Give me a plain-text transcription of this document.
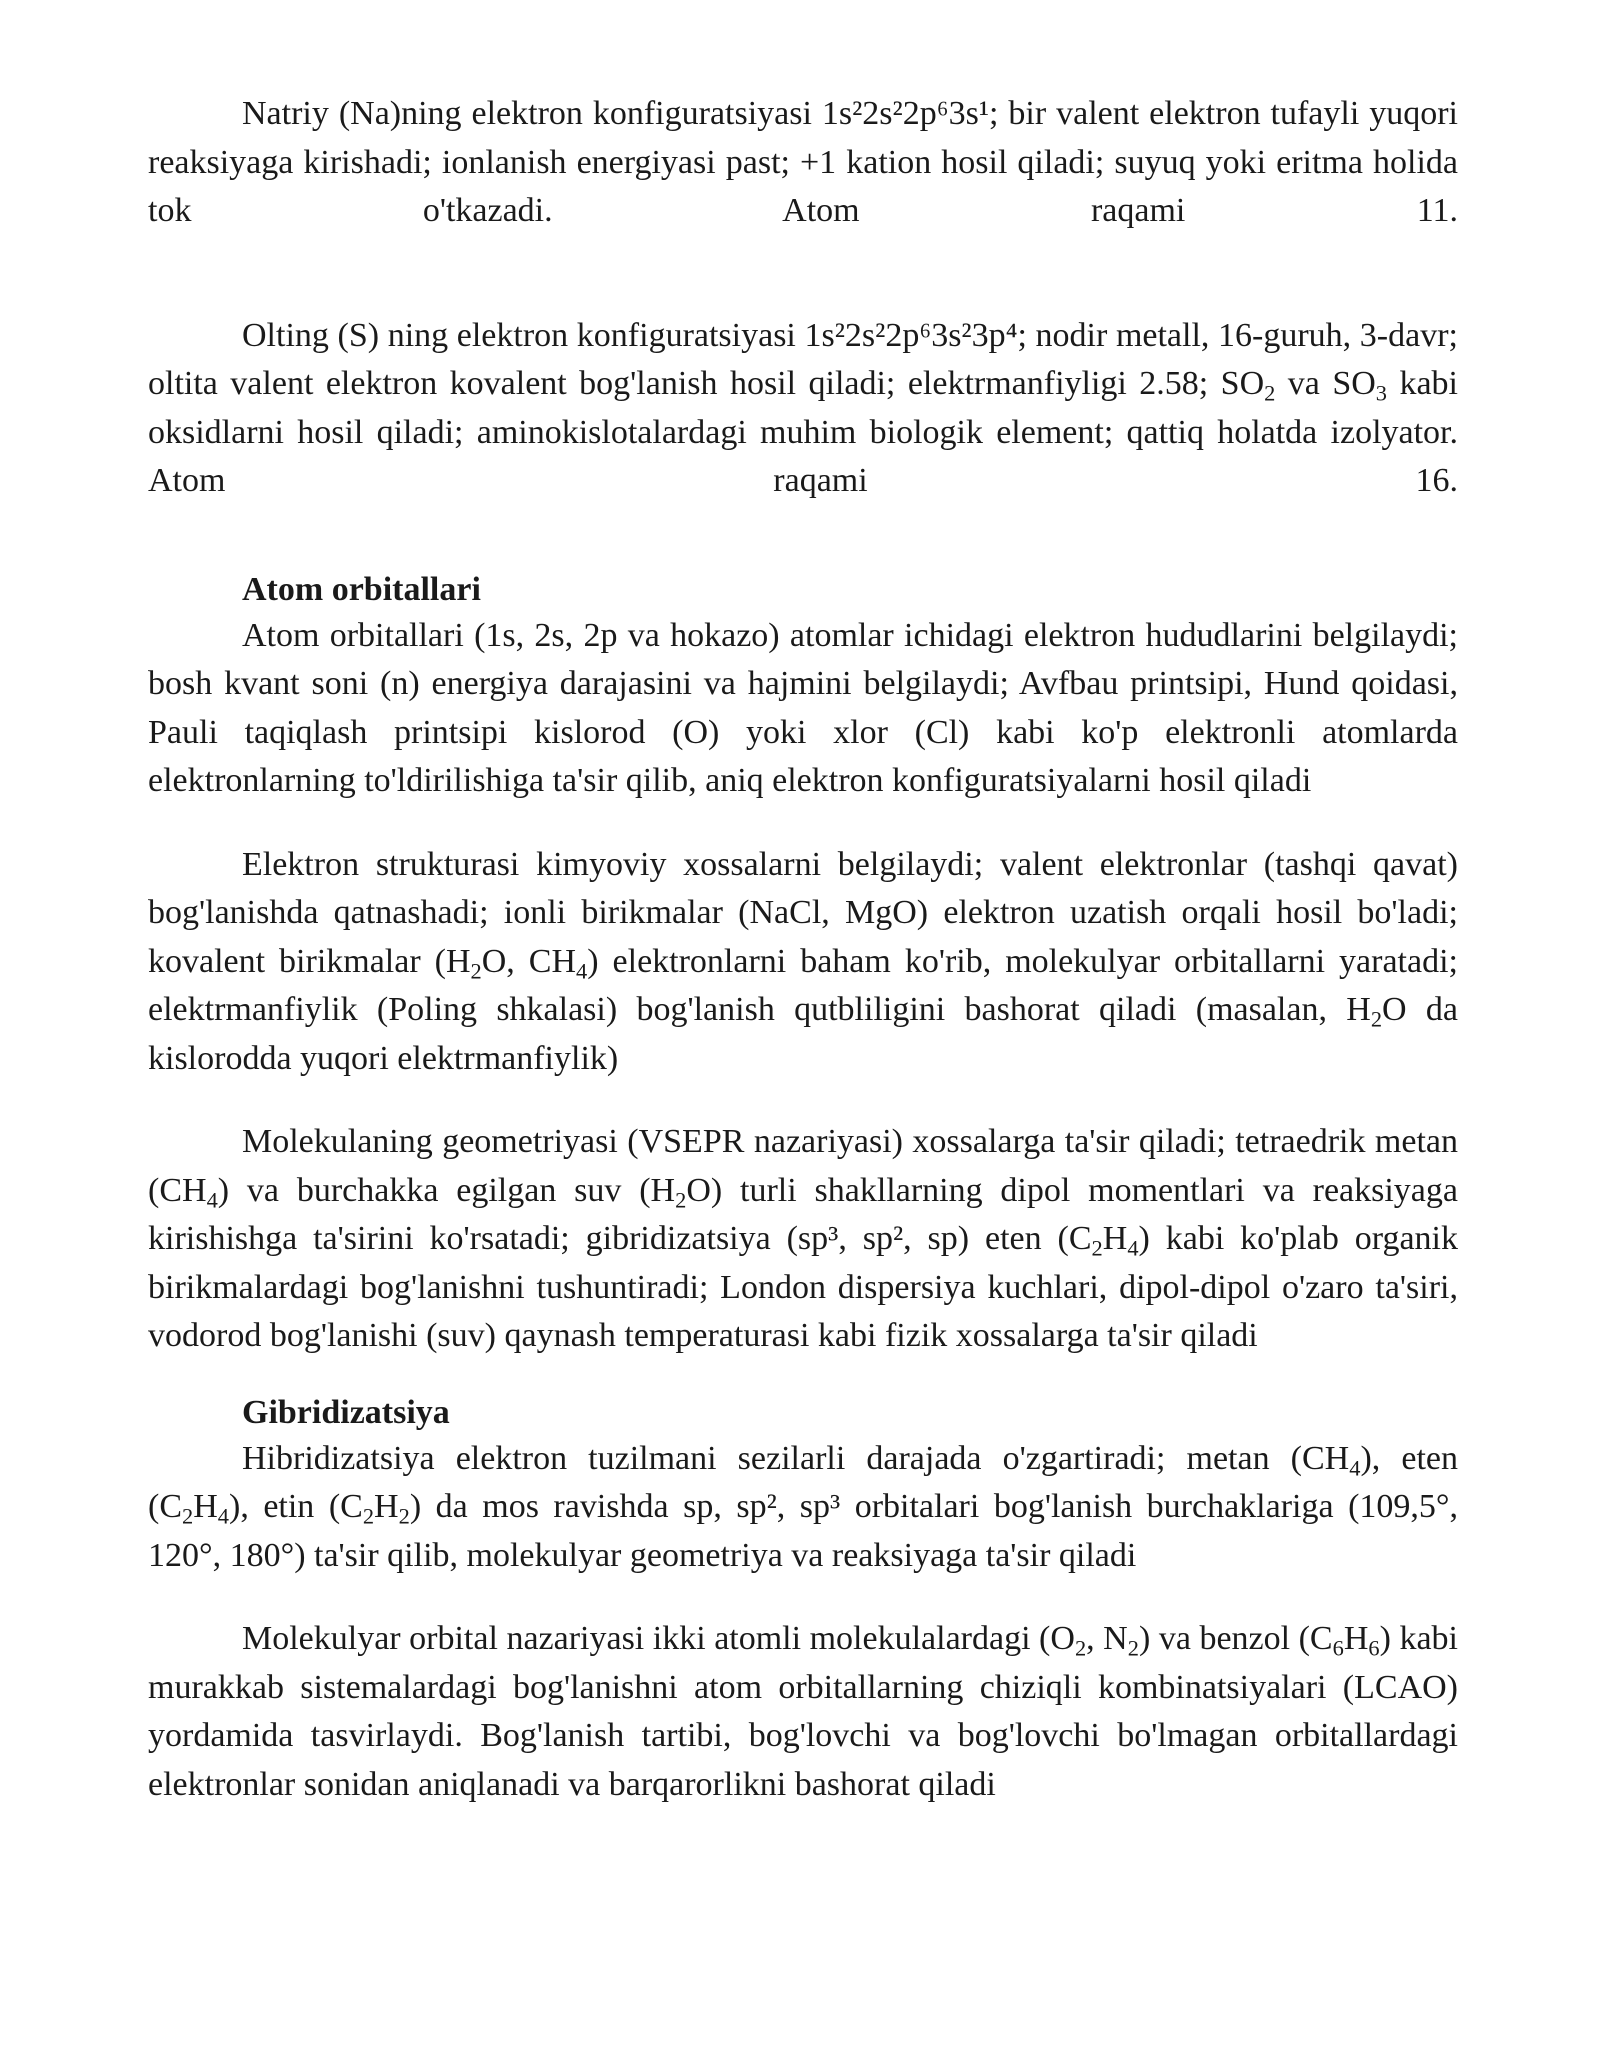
Natriy (Na)ning elektron konfiguratsiyasi 1s²2s²2p⁶3s¹; bir valent elektron tufayli yuqori reaksiyaga kirishadi; ionlanish energiyasi past; +1 kation hosil qiladi; suyuq yoki eritma holida tok o'tkazadi. Atom raqami 11.

Olting (S) ning elektron konfiguratsiyasi 1s²2s²2p⁶3s²3p⁴; nodir metall, 16-guruh, 3-davr; oltita valent elektron kovalent bog'lanish hosil qiladi; elektrmanfiyligi 2.58; $SO_2$ va $SO_3$ kabi oksidlarni hosil qiladi; aminokislotalardagi muhim biologik element; qattiq holatda izolyator. Atom raqami 16.

Atom orbitallari

Atom orbitallari (1s, 2s, 2p va hokazo) atomlar ichidagi elektron hududlarini belgilaydi; bosh kvant soni (n) energiya darajasini va hajmini belgilaydi; Avfbau printsipi, Hund qoidasi, Pauli taqiqlash printsipi kislorod (O) yoki xlor (Cl) kabi ko'p elektronli atomlarda elektronlarning to'ldirilishiga ta'sir qilib, aniq elektron konfiguratsiyalarni hosil qiladi

Elektron strukturasi kimyoviy xossalarni belgilaydi; valent elektronlar (tashqi qavat) bog'lanishda qatnashadi; ionli birikmalar (NaCl, MgO) elektron uzatish orqali hosil bo'ladi; kovalent birikmalar ($H_2O$, $CH_4$) elektronlarni baham ko'rib, molekulyar orbitallarni yaratadi; elektrmanfiylik (Poling shkalasi) bog'lanish qutbliligini bashorat qiladi (masalan, $H_2O$ da kislorodda yuqori elektrmanfiylik)

Molekulaning geometriyasi (VSEPR nazariyasi) xossalarga ta'sir qiladi; tetraedrik metan $(CH_4)$ va burchakka egilgan suv $(H_2O)$ turli shakllarning dipol momentlari va reaksiyaga kirishishga ta'sirini ko'rsatadi; gibridizatsiya (sp³, sp², sp) eten $(C_2H_4)$ kabi ko'plab organik birikmalardagi bog'lanishni tushuntiradi; London dispersiya kuchlari, dipol-dipol o'zaro ta'siri, vodorod bog'lanishi (suv) qaynash temperaturasi kabi fizik xossalarga ta'sir qiladi

Gibridizatsiya

Hibridizatsiya elektron tuzilmani sezilarli darajada o'zgartiradi; metan $(CH_4)$, eten $(C_2H_4)$, etin $(C_2H_2)$ da mos ravishda sp, sp², sp³ orbitalari bog'lanish burchaklariga (109,5°, 120°, 180°) ta'sir qilib, molekulyar geometriya va reaksiyaga ta'sir qiladi

Molekulyar orbital nazariyasi ikki atomli molekulalardagi ($O_2$, $N_2$) va benzol $(C_6H_6)$ kabi murakkab sistemalardagi bog'lanishni atom orbitallarning chiziqli kombinatsiyalari (LCAO) yordamida tasvirlaydi. Bog'lanish tartibi, bog'lovchi va bog'lovchi bo'lmagan orbitallardagi elektronlar sonidan aniqlanadi va barqarorlikni bashorat qiladi
